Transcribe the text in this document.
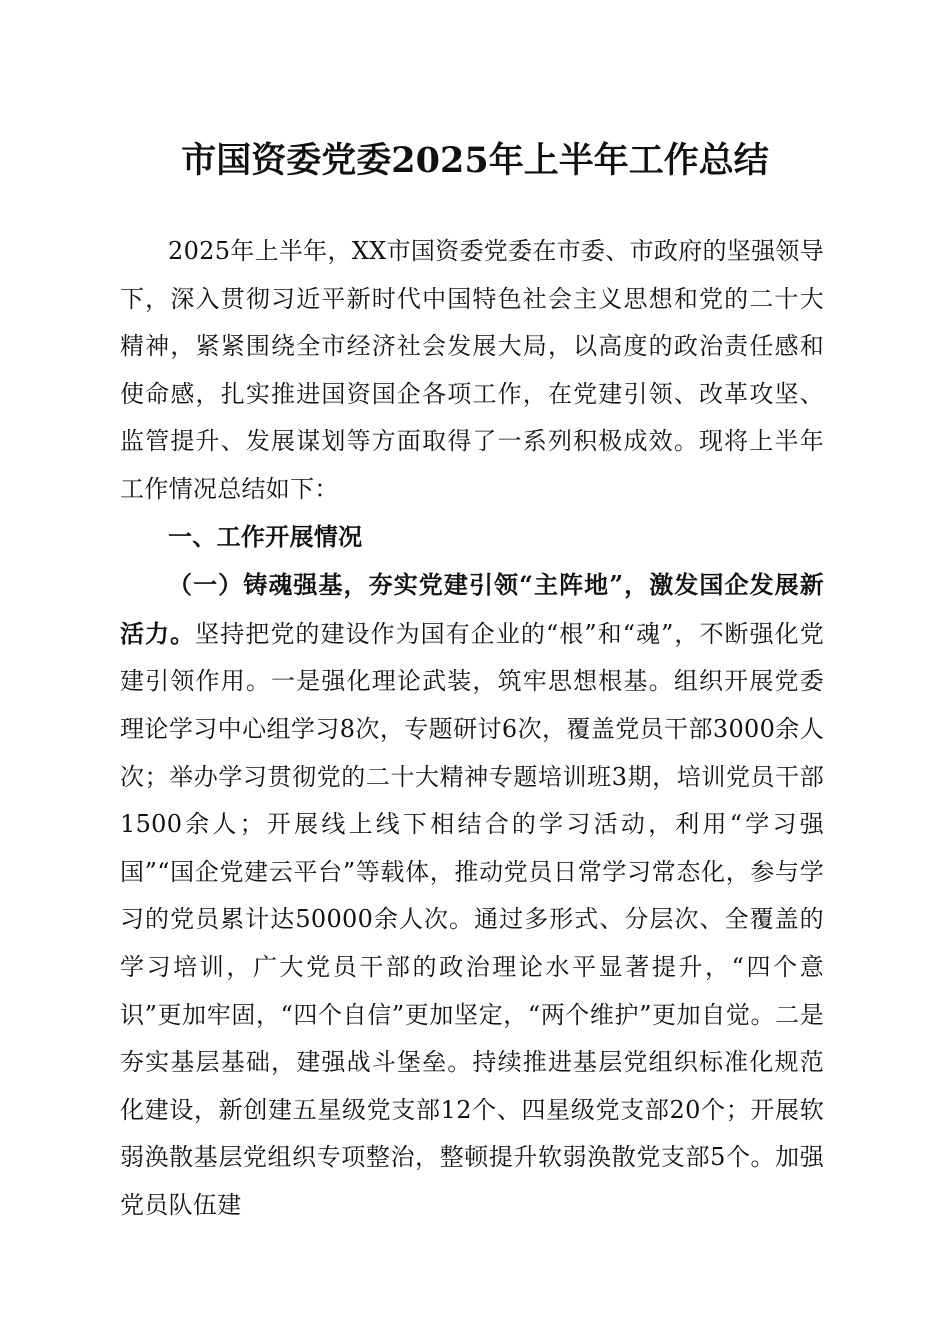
市国资委党委2025年上半年工作总结

2025年上半年，XX市国资委党委在市委、市政府的坚强领导下，深入贯彻习近平新时代中国特色社会主义思想和党的二十大精神，紧紧围绕全市经济社会发展大局，以高度的政治责任感和使命感，扎实推进国资国企各项工作，在党建引领、改革攻坚、监管提升、发展谋划等方面取得了一系列积极成效。现将上半年工作情况总结如下：

一、工作开展情况

（一）铸魂强基，夯实党建引领“主阵地”，激发国企发展新活力。坚持把党的建设作为国有企业的“根”和“魂”，不断强化党建引领作用。一是强化理论武装，筑牢思想根基。组织开展党委理论学习中心组学习8次，专题研讨6次，覆盖党员干部3000余人次；举办学习贯彻党的二十大精神专题培训班3期，培训党员干部1500余人；开展线上线下相结合的学习活动，利用“学习强国”“国企党建云平台”等载体，推动党员日常学习常态化，参与学习的党员累计达50000余人次。通过多形式、分层次、全覆盖的学习培训，广大党员干部的政治理论水平显著提升，“四个意识”更加牢固，“四个自信”更加坚定，“两个维护”更加自觉。二是夯实基层基础，建强战斗堡垒。持续推进基层党组织标准化规范化建设，新创建五星级党支部12个、四星级党支部20个；开展软弱涣散基层党组织专项整治，整顿提升软弱涣散党支部5个。加强党员队伍建
